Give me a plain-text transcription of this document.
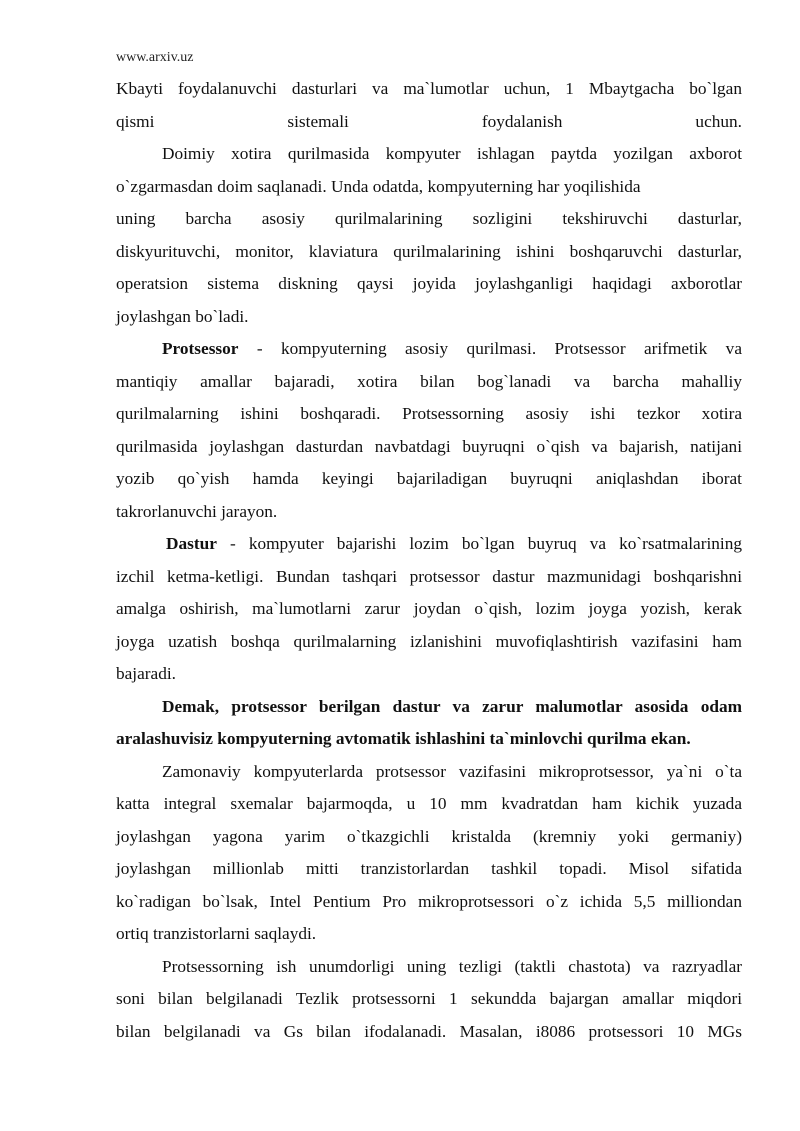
www.arxiv.uz
Kbayti foydalanuvchi dasturlari va ma`lumotlar uchun, 1 Mbaytgacha bo`lgan
qismi sistemali foydalanish uchun.
Doimiy xotira qurilmasida kompyuter ishlagan paytda yozilgan axborot
o`zgarmasdan doim saqlanadi. Unda odatda, kompyuterning har yoqilishida
uning barcha asosiy qurilmalarining sozligini tekshiruvchi dasturlar,
diskyurituvchi, monitor, klaviatura qurilmalarining ishini boshqaruvchi dasturlar,
operatsion sistema diskning qaysi joyida joylashganligi haqidagi axborotlar
joylashgan bo`ladi.
Protsessor - kompyuterning asosiy qurilmasi. Protsessor arifmetik va
mantiqiy amallar bajaradi, xotira bilan bog`lanadi va barcha mahalliy
qurilmalarning ishini boshqaradi. Protsessorning asosiy ishi tezkor xotira
qurilmasida joylashgan dasturdan navbatdagi buyruqni o`qish va bajarish, natijani
yozib qo`yish hamda keyingi bajariladigan buyruqni aniqlashdan iborat
takrorlanuvchi jarayon.
Dastur - kompyuter bajarishi lozim bo`lgan buyruq va ko`rsatmalarining
izchil ketma-ketligi. Bundan tashqari protsessor dastur mazmunidagi boshqarishni
amalga oshirish, ma`lumotlarni zarur joydan o`qish, lozim joyga yozish, kerak
joyga uzatish boshqa qurilmalarning izlanishini muvofiqlashtirish vazifasini ham
bajaradi.
Demak, protsessor berilgan dastur va zarur malumotlar asosida odam
aralashuvisiz kompyuterning avtomatik ishlashini ta`minlovchi qurilma ekan.
Zamonaviy kompyuterlarda protsessor vazifasini mikroprotsessor, ya`ni o`ta
katta integral sxemalar bajarmoqda, u 10 mm kvadratdan ham kichik yuzada
joylashgan yagona yarim o`tkazgichli kristalda (kremniy yoki germaniy)
joylashgan millionlab mitti tranzistorlardan tashkil topadi. Misol sifatida
ko`radigan bo`lsak, Intel Pentium Pro mikroprotsessori o`z ichida 5,5 milliondan
ortiq tranzistorlarni saqlaydi.
Protsessorning ish unumdorligi uning tezligi (taktli chastota) va razryadlar
soni bilan belgilanadi Tezlik protsessorni 1 sekundda bajargan amallar miqdori
bilan belgilanadi va Gs bilan ifodalanadi. Masalan, i8086 protsessori 10 MGs
